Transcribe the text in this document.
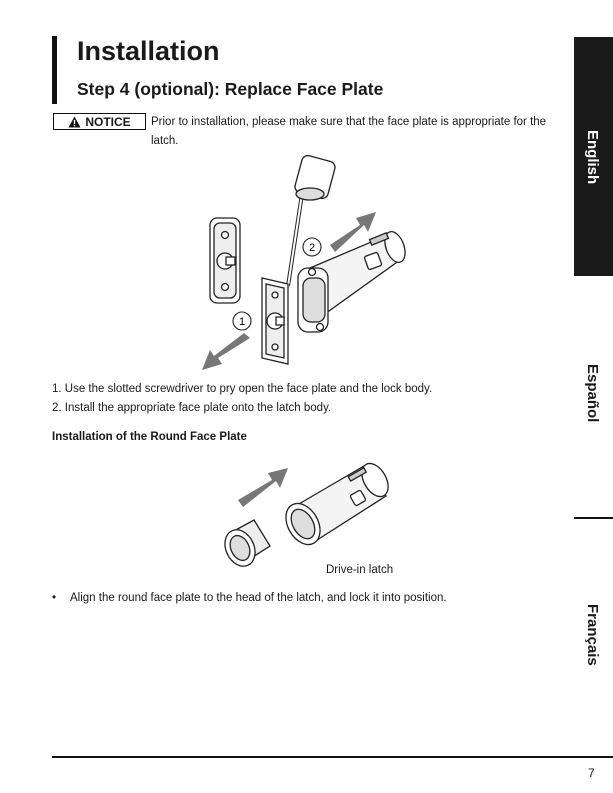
Installation
Step 4 (optional): Replace Face Plate
NOTICE Prior to installation, please make sure that the face plate is appropriate for the latch.
2
1
1. Use the slotted screwdriver to pry open the face plate and the lock body.
2. Install the appropriate face plate onto the latch body.
Installation of the Round Face Plate
Drive-in latch
• Align the round face plate to the head of the latch, and lock it into position.
English
Español
Français
7
